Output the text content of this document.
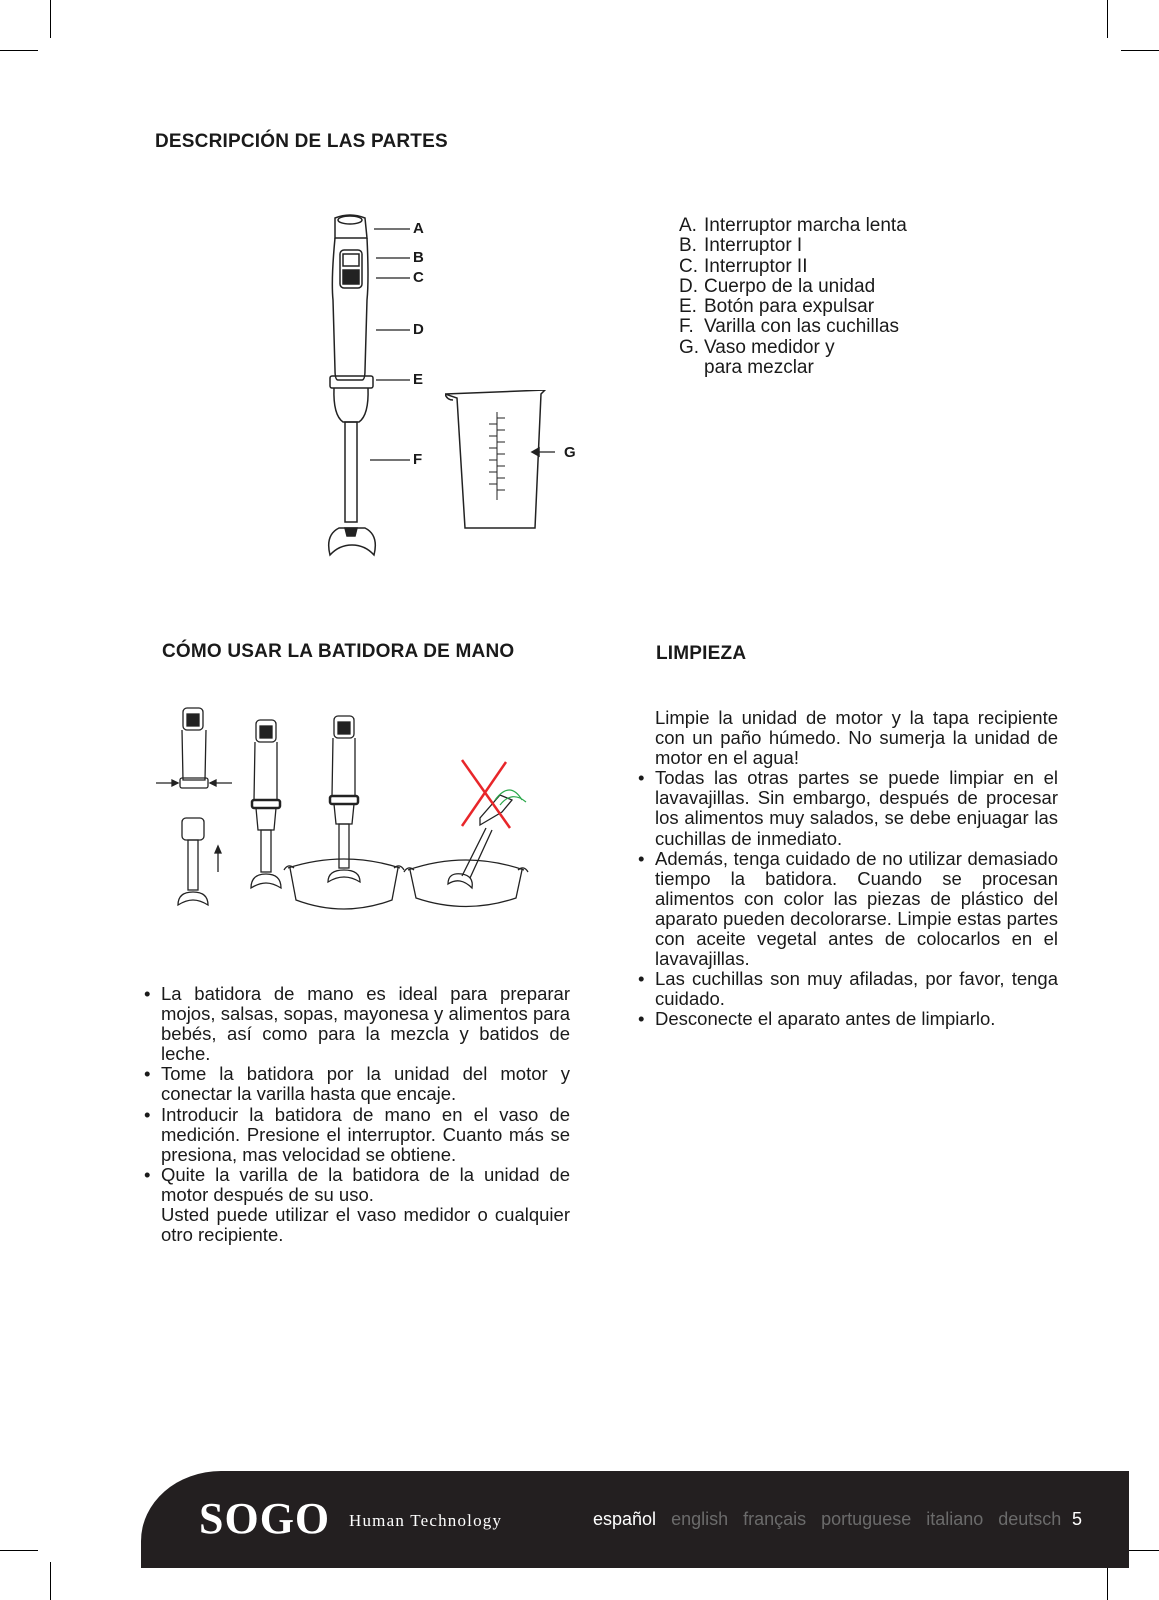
DESCRIPCIÓN DE LAS PARTES
A
B
C
D
E
F	G
A. Interruptor marcha lenta
B. Interruptor I
C. Interruptor II
D. Cuerpo de la unidad
E. Botón para expulsar
F. Varilla con las cuchillas
G. Vaso medidor y
para mezclar
CÓMO USAR LA BATIDORA DE MANO
• La batidora de mano es ideal para preparar mojos, salsas, sopas, mayonesa y alimentos para bebés, así como para la mezcla y batidos de leche.
• Tome la batidora por la unidad del motor y conectar la varilla hasta que encaje.
• Introducir la batidora de mano en el vaso de medición. Presione el interruptor. Cuanto más se presiona, mas velocidad se obtiene.
• Quite la varilla de la batidora de la unidad de motor después de su uso.
Usted puede utilizar el vaso medidor o cualquier otro recipiente.
LIMPIEZA
Limpie la unidad de motor y la tapa recipiente con un paño húmedo. No sumerja la unidad de motor en el agua!
• Todas las otras partes se puede limpiar en el lavavajillas. Sin embargo, después de procesar los alimentos muy salados, se debe enjuagar las cuchillas de inmediato.
• Además, tenga cuidado de no utilizar demasiado tiempo la batidora. Cuando se procesan alimentos con color las piezas de plástico del aparato pueden decolorarse. Limpie estas partes con aceite vegetal antes de colocarlos en el lavavajillas.
• Las cuchillas son muy afiladas, por favor, tenga cuidado.
• Desconecte el aparato antes de limpiarlo.
SOGO Human Technology	español english français portuguese italiano deutsch 5
